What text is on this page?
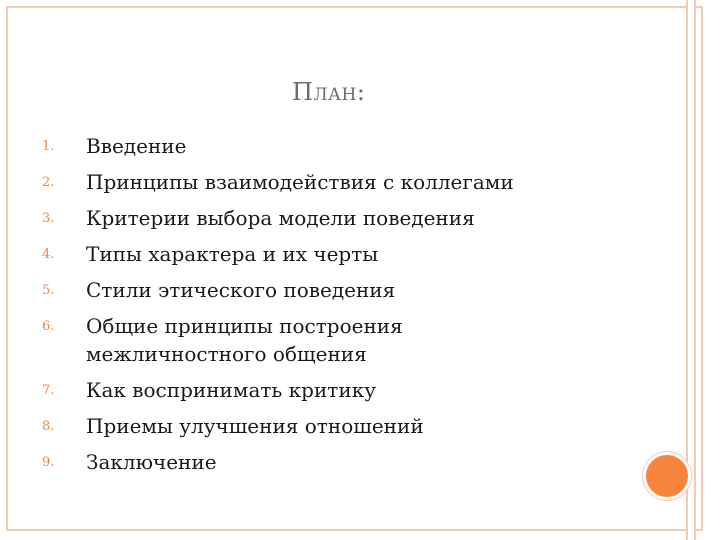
План:
1.	Введение
2.	Принципы взаимодействия с коллегами
3.	Критерии выбора модели поведения
4.	Типы характера и их черты
5.	Стили этического поведения
6.	Общие принципы построения межличностного общения
7.	Как воспринимать критику
8.	Приемы улучшения отношений
9.	Заключение
